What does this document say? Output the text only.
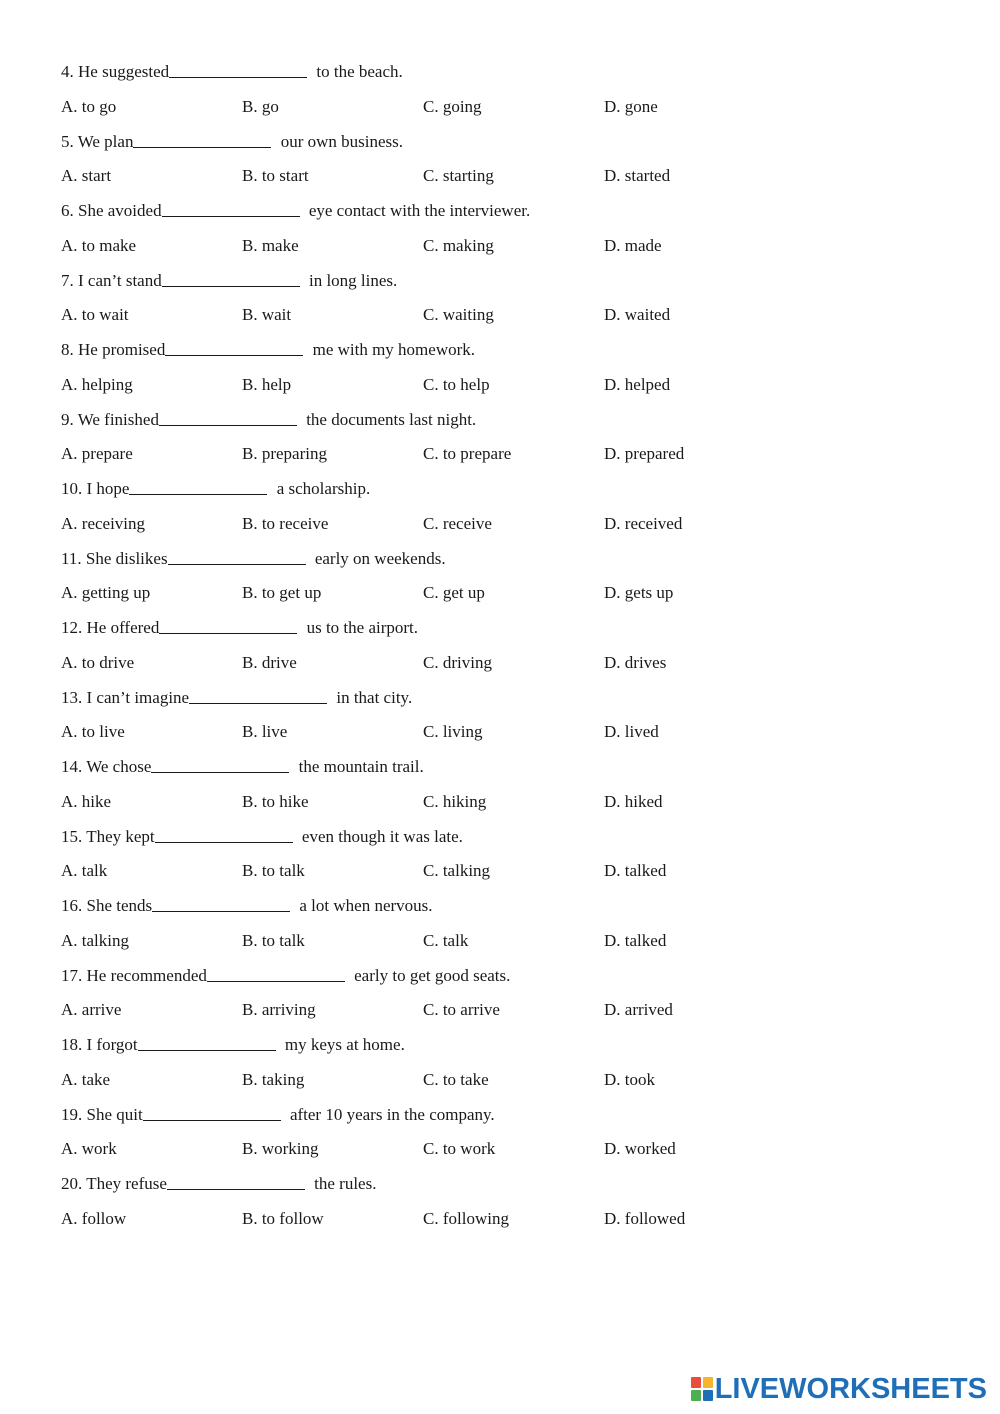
4. He suggested	to the beach.
A. to go	B. go	C. going	D. gone
5. We plan	our own business.
A. start	B. to start	C. starting	D. started
6. She avoided	eye contact with the interviewer.
A. to make	B. make	C. making	D. made
7. I can’t stand	in long lines.
A. to wait	B. wait	C. waiting	D. waited
8. He promised	me with my homework.
A. helping	B. help	C. to help	D. helped
9. We finished	the documents last night.
A. prepare	B. preparing	C. to prepare	D. prepared
10. I hope	a scholarship.
A. receiving	B. to receive	C. receive	D. received
11. She dislikes	early on weekends.
A. getting up	B. to get up	C. get up	D. gets up
12. He offered	us to the airport.
A. to drive	B. drive	C. driving	D. drives
13. I can’t imagine	in that city.
A. to live	B. live	C. living	D. lived
14. We chose	the mountain trail.
A. hike	B. to hike	C. hiking	D. hiked
15. They kept	even though it was late.
A. talk	B. to talk	C. talking	D. talked
16. She tends	a lot when nervous.
A. talking	B. to talk	C. talk	D. talked
17. He recommended	early to get good seats.
A. arrive	B. arriving	C. to arrive	D. arrived
18. I forgot	my keys at home.
A. take	B. taking	C. to take	D. took
19. She quit	after 10 years in the company.
A. work	B. working	C. to work	D. worked
20. They refuse	the rules.
A. follow	B. to follow	C. following	D. followed
LIVEWORKSHEETS
